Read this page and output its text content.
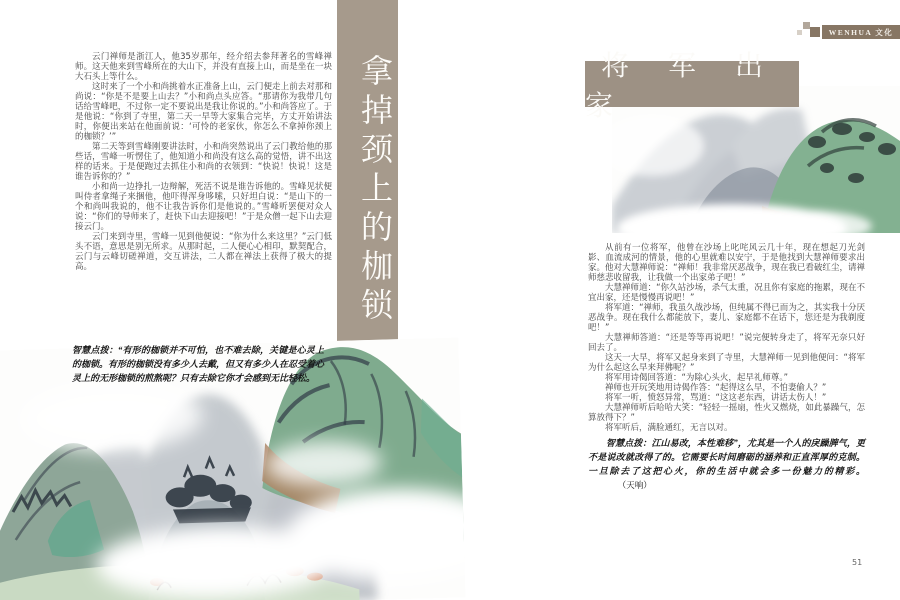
WENHUA 文化

云门禅师是浙江人，他35岁那年，经介绍去参拜著名的雪峰禅师。这天他来到雪峰所在的大山下，并没有直接上山，而是坐在一块大石头上等什么。

这时来了一个小和尚挑着水正准备上山，云门便走上前去对那和尚说：“你是不是要上山去？”小和尚点头应答。“那请你为我带几句话给雪峰吧，不过你一定不要说出是我让你说的。”小和尚答应了。于是他说：“你到了寺里，第二天一早等大家集合完毕，方丈开始讲法时，你便出来站在他面前说：‘可怜的老家伙，你怎么不拿掉你颈上的枷锁？’”

第二天等到雪峰刚要讲法时，小和尚突然说出了云门教给他的那些话，雪峰一听愣住了，他知道小和尚没有这么高的觉悟，讲不出这样的话来。于是便跑过去抓住小和尚的衣领到：“快说！快说！这是谁告诉你的？”

小和尚一边挣扎一边辩解，死活不说是谁告诉他的。雪峰见状便叫侍者拿绳子来捆他，他吓得浑身哆嗦，只好坦白说：“是山下的一个和尚叫我说的，他不让我告诉你们是他说的。”雪峰听罢便对众人说：“你们的导师来了，赶快下山去迎接吧！”于是众僧一起下山去迎接云门。

云门来到寺里，雪峰一见到他便说：“你为什么来这里？”云门低头不语，意思是别无所求。从那时起，二人便心心相印，默契配合，云门与云峰切磋禅道，交互讲法，二人都在禅法上获得了极大的提高。	拿掉颈上的枷锁
智慧点拨：“有形的枷锁并不可怕，也不难去除，关键是心灵上的枷锁。有形的枷锁没有多少人去戴，但又有多少人在忍受着心灵上的无形枷锁的煎熬呢？只有去除它你才会感到无比轻松。
将 军 出 家

从前有一位将军，他曾在沙场上叱咤风云几十年，现在想起刀光剑影、血流成河的情景，他的心里就难以安宁，于是他找到大慧禅师要求出家。他对大慧禅师说：“禅师！我非常厌恶战争，现在我已看破红尘，请禅师慈悲收留我，让我做一个出家弟子吧！”

大慧禅师道：“你久站沙场，杀气太重，况且你有家庭的拖累，现在不宜出家，还是慢慢再说吧！”

将军道：“禅师，我虽久战沙场，但纯属不得已而为之，其实我十分厌恶战争。现在我什么都能放下，妻儿、家庭都不在话下，您还是为我剃度吧！”

大慧禅师答道：“还是等等再说吧！”说完便转身走了，将军无奈只好回去了。

这天一大早，将军又起身来到了寺里，大慧禅师一见到他便问：“将军为什么起这么早来拜佛呢？”

将军用诗偈回答道：“为除心头火，起早礼师尊。”

禅师也开玩笑地用诗偈作答：“起得这么早，不怕妻偷人？”

将军一听，愤怒异常，骂道：“这这老东西，讲话太伤人！”

大慧禅师听后哈哈大笑：“轻轻一摇扇，性火又燃烧，如此暴躁气，怎算放得下？”

将军听后，满脸通红，无言以对。

智慧点拨：江山易改，本性难移”，尤其是一个人的戾躁脾气，更不是说改就改得了的。它需要长时间磨砺的涵养和正直浑厚的克制。一旦除去了这把心火，你的生活中就会多一份魅力的精彩。 （天响）

51
